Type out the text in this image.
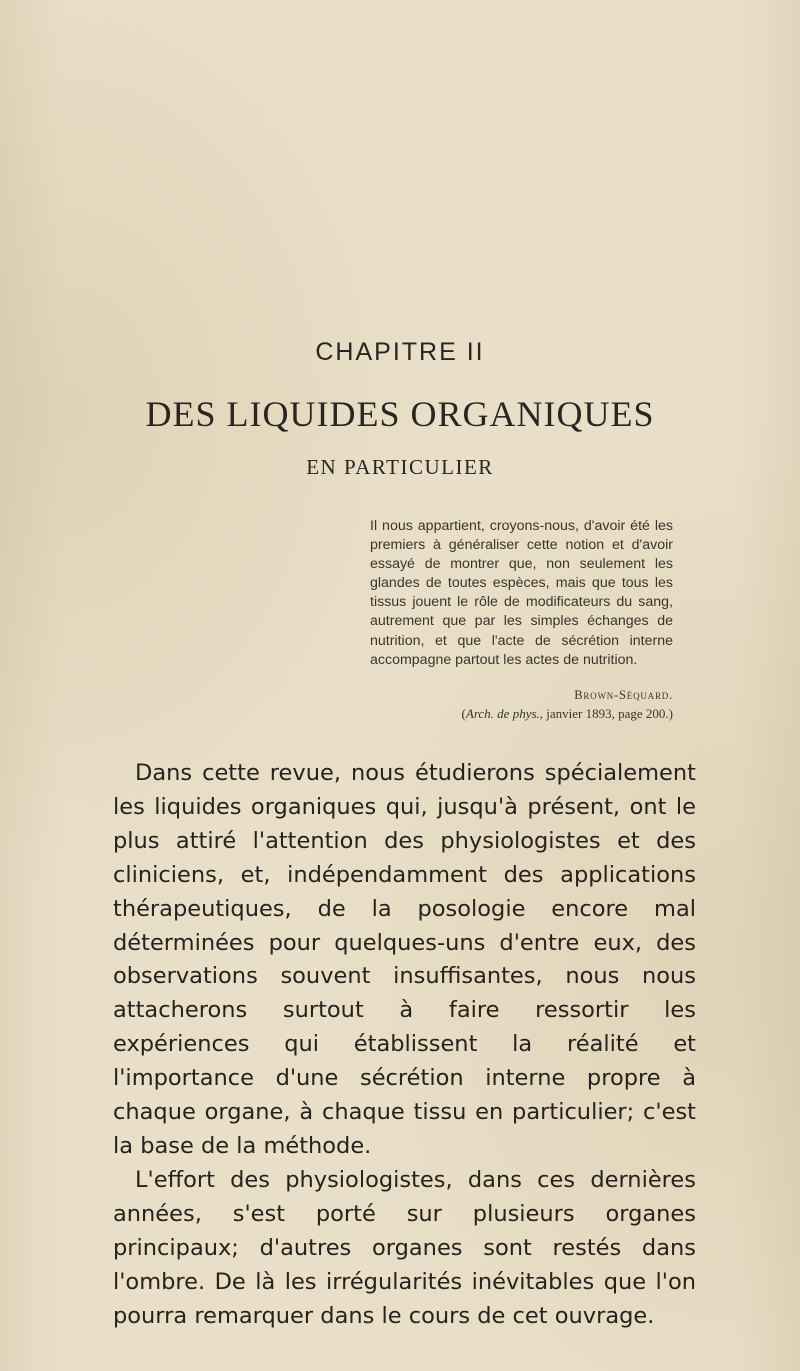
CHAPITRE II
DES LIQUIDES ORGANIQUES
EN PARTICULIER

Il nous appartient, croyons-nous, d'avoir été les premiers à généraliser cette notion et d'avoir essayé de montrer que, non seulement les glandes de toutes espèces, mais que tous les tissus jouent le rôle de modificateurs du sang, autrement que par les simples échanges de nutrition, et que l'acte de sécrétion interne accompagne partout les actes de nutrition.

Brown-Séquard.

(Arch. de phys., janvier 1893, page 200.)

Dans cette revue, nous étudierons spécialement les liquides organiques qui, jusqu'à présent, ont le plus attiré l'attention des physiologistes et des cliniciens, et, indépendamment des applications thérapeutiques, de la posologie encore mal déterminées pour quelques-uns d'entre eux, des observations souvent insuffisantes, nous nous attacherons surtout à faire ressortir les expériences qui établissent la réalité et l'importance d'une sécrétion interne propre à chaque organe, à chaque tissu en particulier; c'est la base de la méthode.

L'effort des physiologistes, dans ces dernières années, s'est porté sur plusieurs organes principaux; d'autres organes sont restés dans l'ombre. De là les irrégularités inévitables que l'on pourra remarquer dans le cours de cet ouvrage.
